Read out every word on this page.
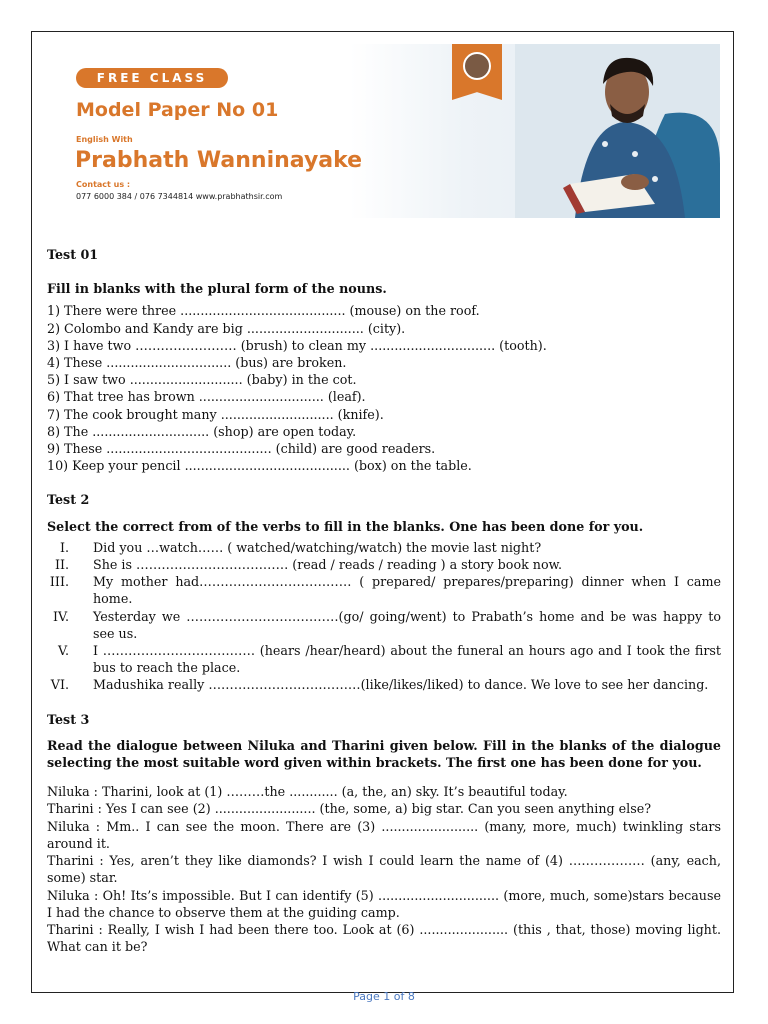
FREE CLASS
Model Paper No 01
English With
Prabhath Wanninayake
Contact us :
077 6000 384 / 076 7344814 www.prabhathsir.com

Test 01

Fill in blanks with the plural form of the nouns.

1) There were three ......................................... (mouse) on the roof.

2) Colombo and Kandy are big ............................. (city).

3) I have two …………………… (brush) to clean my ............................... (tooth).

4) These ............................... (bus) are broken.

5) I saw two ............................ (baby) in the cot.

6) That tree has brown ............................... (leaf).

7) The cook brought many ............................ (knife).

8) The ............................. (shop) are open today.

9) These ......................................... (child) are good readers.

10) Keep your pencil ......................................... (box) on the table.

Test 2

Select the correct from of the verbs to fill in the blanks. One has been done for you.

I. Did you …watch…… ( watched/watching/watch) the movie last night?
II. She is ……………………………… (read / reads / reading ) a story book now.
III. My mother had……………………………… ( prepared/ prepares/preparing) dinner when I came home.
IV. Yesterday we ………………………………(go/ going/went) to Prabath’s home and be was happy to see us.
V. I ……………………………… (hears /hear/heard) about the funeral an hours ago and I took the first bus to reach the place.
VI. Madushika really ………………………………(like/likes/liked) to dance. We love to see her dancing.

Test 3

Read the dialogue between Niluka and Tharini given below. Fill in the blanks of the dialogue selecting the most suitable word given within brackets. The first one has been done for you.

Niluka : Tharini, look at (1) ………the ............ (a, the, an) sky. It’s beautiful today.

Tharini : Yes I can see (2) ......................... (the, some, a) big star. Can you seen anything else?

Niluka : Mm.. I can see the moon. There are (3) ........................ (many, more, much) twinkling stars around it.

Tharini : Yes, aren’t they like diamonds? I wish I could learn the name of (4) ……………… (any, each, some) star.

Niluka : Oh! Its’s impossible. But I can identify (5) .............................. (more, much, some)stars because I had the chance to observe them at the guiding camp.

Tharini : Really, I wish I had been there too. Look at (6) ...................... (this , that, those) moving light. What can it be?

Page 1 of 8
